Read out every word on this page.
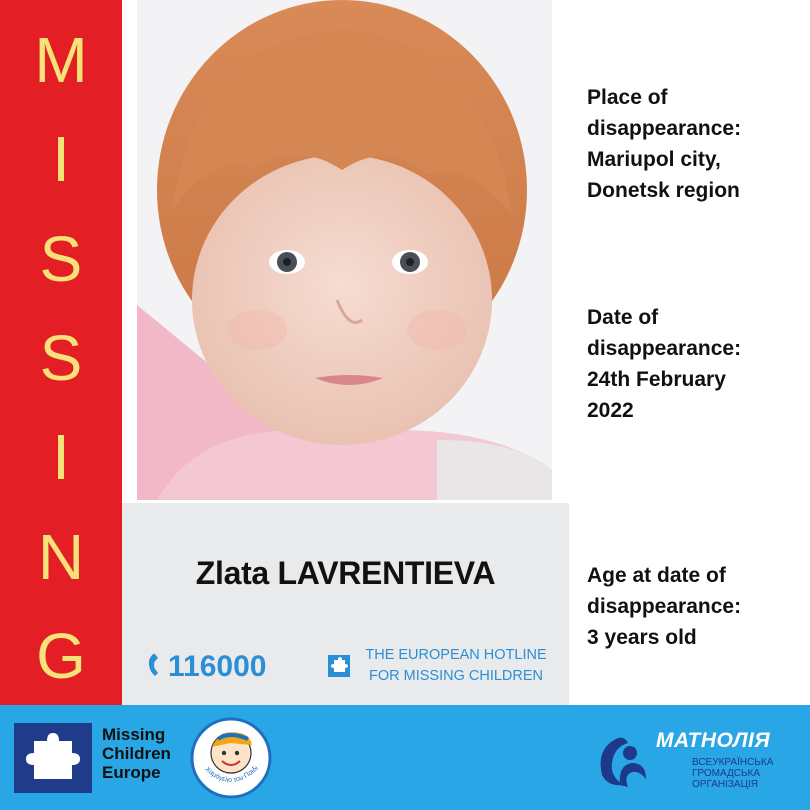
M
I
S
S
I
N
G
Zlata LAVRENTIEVA
116000	THE EUROPEAN HOTLINE
FOR MISSING CHILDREN
Place of
disappearance:
Mariupol city,
Donetsk region
Date of
disappearance:
24th February
2022
Age at date of
disappearance:
3 years old
Missing
Children
Europe	Χαμόγελο του Παιδι
МАТНОЛІЯ
ВСЕУКРАЇНСЬКА
ГРОМАДСЬКА
ОРГАНІЗАЦІЯ
